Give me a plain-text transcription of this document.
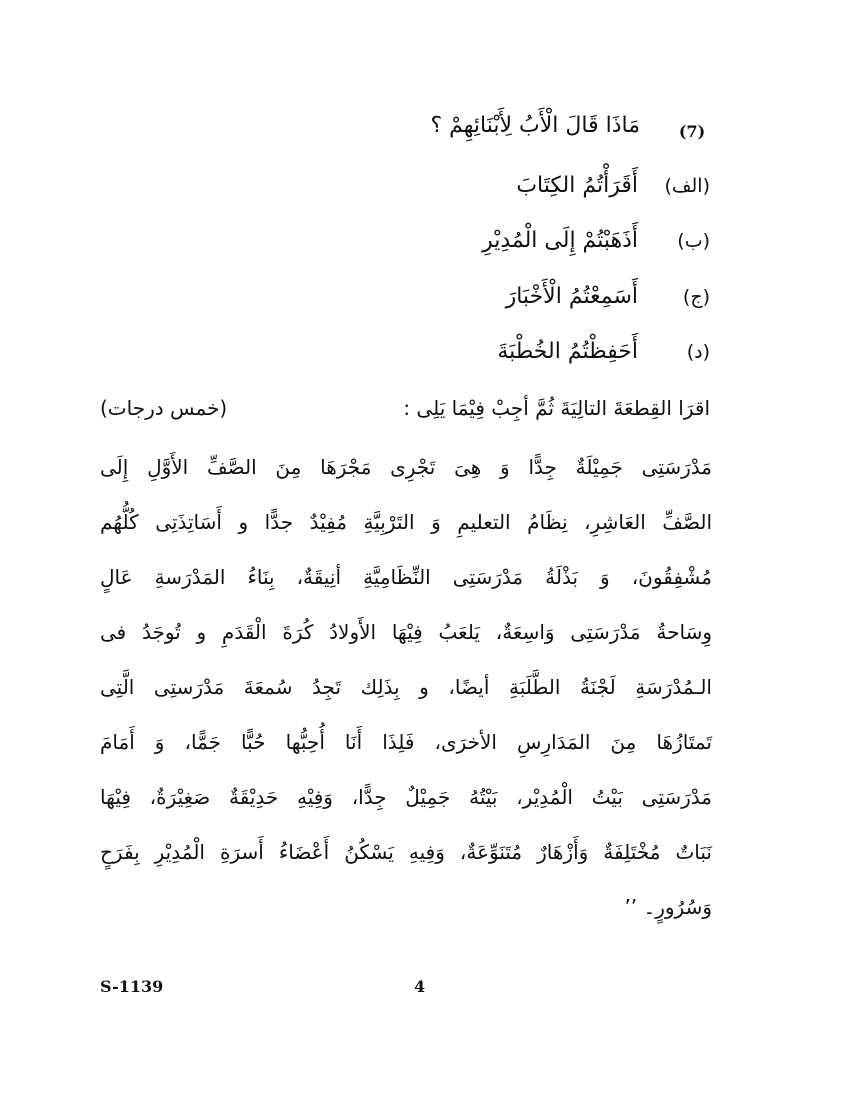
(7)
مَاذَا قَالَ الْأَبُ لِأَبْنَائِهِمْ ؟
(الف)
أَقَرَأْتُمُ الكِتَابَ
(ب)
أَذَهَبْتُمْ إِلَى الْمُدِيْرِ
(ج)
أَسَمِعْتُمُ الْأَخْبَارَ
(د)
أَحَفِظْتُمُ الخُطْبَةَ
اقرَا القِطعَةَ التالِيَةَ ثُمَّ أجِبْ فِيْمَا يَلِى :
(خمس درجات)
مَدْرَسَتِى جَمِيْلَةٌ جِدًّا وَ هِىَ تَجْرِى مَجْرَهَا مِنَ الصَّفِّ الأَوَّلِ إِلَى
الصَّفِّ العَاشِرِ، نِظَامُ التعليمِ وَ التَرْبِيَّةِ مُفِيْدٌ جدًّا و أَسَاتِذَتِى كُلُّهُم
مُشْفِقُونَ، وَ بَذْلَةُ مَدْرَسَتِى النِّظَامِيَّةِ أنِيقَةٌ، بِنَاءُ المَدْرَسةِ عَالٍ
وِسَاحةُ مَدْرَسَتِى وَاسِعَةٌ، يَلعَبُ فِيْهَا الأَولادُ كُرَةَ الْقَدَمِ و تُوجَدُ فى
الـمُدْرَسَةِ لَجْنَةُ الطَّلَبَةِ أيضًا، و بِذَلِك تَجِدُ سُمعَةَ مَدْرَستِى الَّتِى
تَمتَازُهَا مِنَ المَدَارِسِ الأخرَى، فَلِذَا أَنَا أُحِبُّها حُبًّا جَمًّا، وَ أَمَامَ
مَدْرَسَتِى بَيْتُ الْمُدِيْر، بَيْتُهُ جَمِيْلٌ جِدًّا، وَفِيْهِ حَدِيْقَةٌ صَغِيْرَةٌ، فِيْهَا
نَبَاتٌ مُخْتَلِفَةٌ وَأَزْهَارٌ مُتَنَوِّعَةٌ، وَفِيهِ يَسْكُنُ أَعْضَاءُ أَسرَةِ الْمُدِيْرِ بِفَرَحٍ
وَسُرُورٍ۔ ’’
S-1139	4
